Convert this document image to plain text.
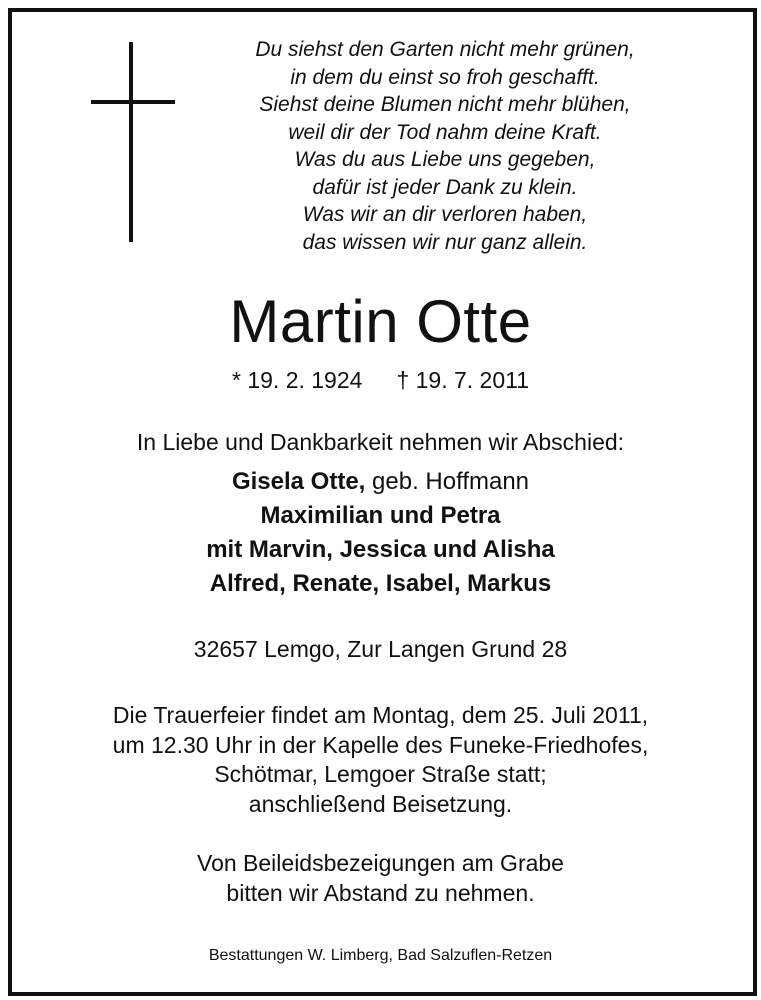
Du siehst den Garten nicht mehr grünen,
in dem du einst so froh geschafft.
Siehst deine Blumen nicht mehr blühen,
weil dir der Tod nahm deine Kraft.
Was du aus Liebe uns gegeben,
dafür ist jeder Dank zu klein.
Was wir an dir verloren haben,
das wissen wir nur ganz allein.
Martin Otte
* 19. 2. 1924 † 19. 7. 2011
In Liebe und Dankbarkeit nehmen wir Abschied:
Gisela Otte, geb. Hoffmann
Maximilian und Petra
mit Marvin, Jessica und Alisha
Alfred, Renate, Isabel, Markus
32657 Lemgo, Zur Langen Grund 28
Die Trauerfeier findet am Montag, dem 25. Juli 2011,
um 12.30 Uhr in der Kapelle des Funeke-Friedhofes,
Schötmar, Lemgoer Straße statt;
anschließend Beisetzung.
Von Beileidsbezeigungen am Grabe
bitten wir Abstand zu nehmen.
Bestattungen W. Limberg, Bad Salzuflen-Retzen
